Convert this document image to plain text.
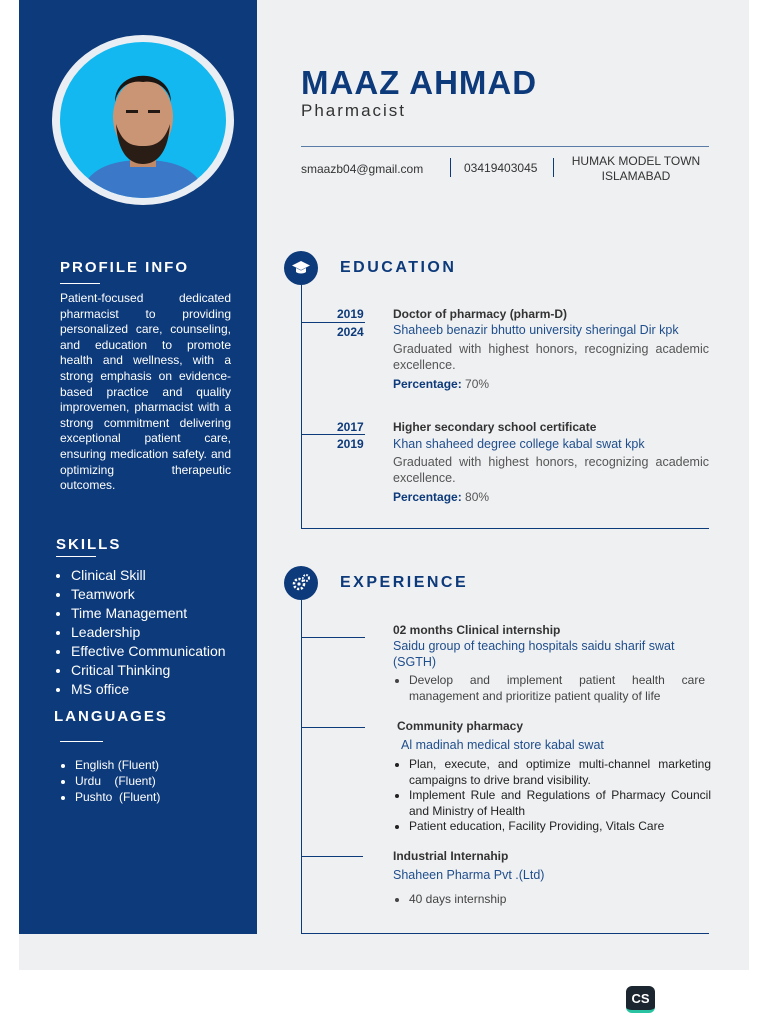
PROFILE INFO
Patient-focused dedicated pharmacist to providing personalized care, counseling, and education to promote health and wellness, with a strong emphasis on evidence-based practice and quality improvemen, pharmacist with a strong commitment delivering exceptional patient care, ensuring medication safety. and optimizing therapeutic outcomes.
SKILLS
• Clinical Skill
• Teamwork
• Time Management
• Leadership
• Effective Communication
• Critical Thinking
• MS office
LANGUAGES
• English (Fluent)
• Urdu    (Fluent)
• Pushto  (Fluent)
MAAZ AHMAD
Pharmacist
smaazb04@gmail.com	03419403045	HUMAK MODEL TOWN
ISLAMABAD
EDUCATION
2019
2024
Doctor of pharmacy (pharm-D)
Shaheeb benazir bhutto university sheringal Dir kpk
Graduated with highest honors, recognizing academic excellence.
Percentage: 70%
2017
2019
Higher secondary school certificate
Khan shaheed degree college kabal swat kpk
Graduated with highest honors, recognizing academic excellence.
Percentage: 80%
EXPERIENCE
02 months Clinical internship
Saidu group of teaching hospitals saidu sharif swat (SGTH)
• Develop and implement patient health care management and prioritize patient quality of life
Community pharmacy
Al madinah medical store kabal swat
• Plan, execute, and optimize multi-channel marketing campaigns to drive brand visibility.
• Implement Rule and Regulations of Pharmacy Council and Ministry of Health
• Patient education, Facility Providing, Vitals Care
Industrial Internahip
Shaheen Pharma Pvt .(Ltd)
• 40 days internship
CS
